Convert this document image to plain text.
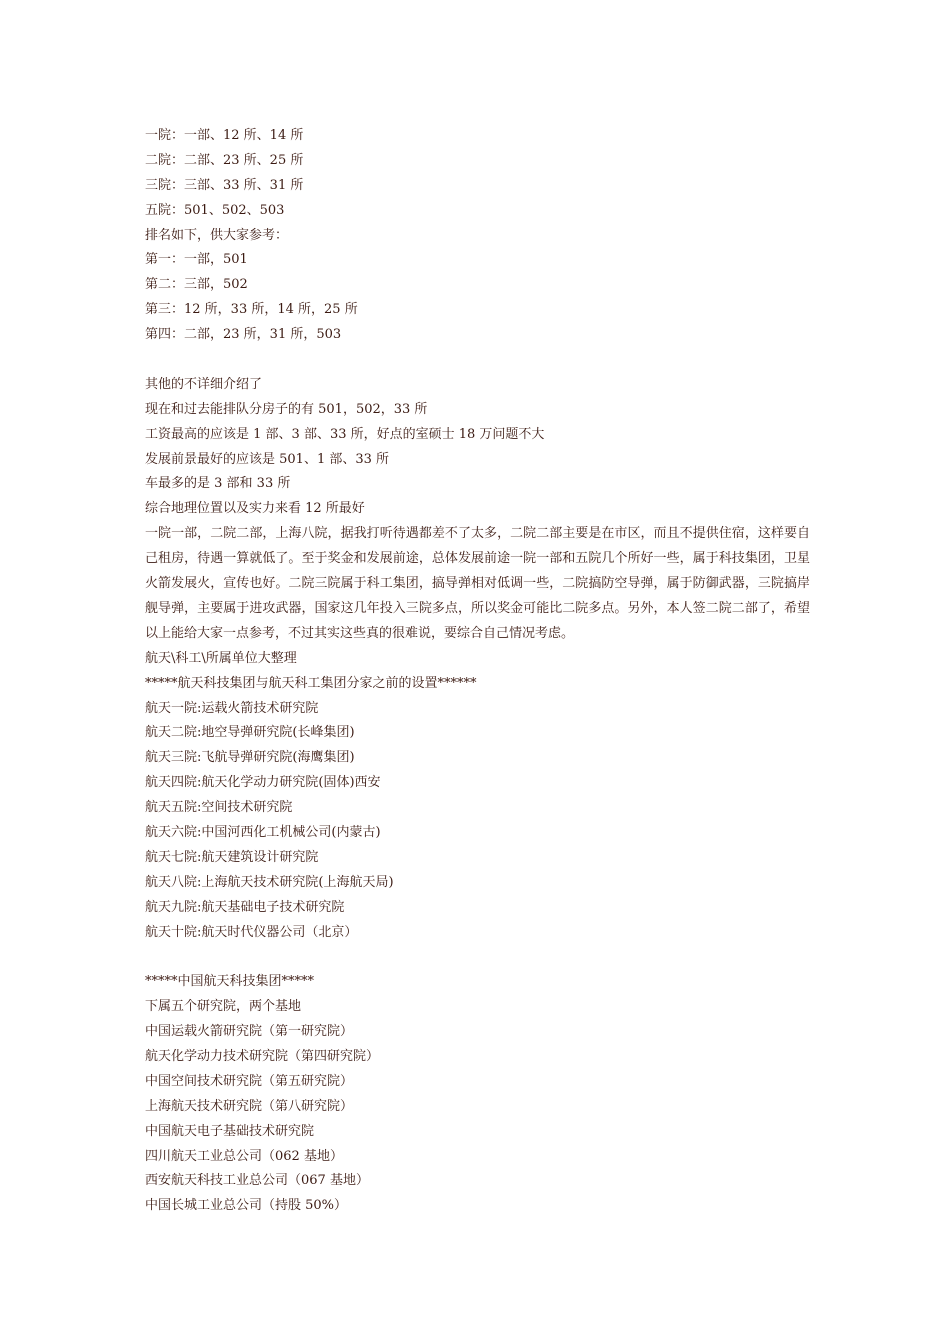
一院：一部、12 所、14 所
二院：二部、23 所、25 所
三院：三部、33 所、31 所
五院：501、502、503
排名如下，供大家参考：
第一：一部，501
第二：三部，502
第三：12 所，33 所，14 所，25 所
第四：二部，23 所，31 所，503
其他的不详细介绍了
现在和过去能排队分房子的有 501，502，33 所
工资最高的应该是 1 部、3 部、33 所，好点的室硕士 18 万问题不大
发展前景最好的应该是 501、1 部、33 所
车最多的是 3 部和 33 所
综合地理位置以及实力来看 12 所最好
一院一部，二院二部，上海八院，据我打听待遇都差不了太多，二院二部主要是在市区，而且不提供住宿，这样要自己租房，待遇一算就低了。至于奖金和发展前途，总体发展前途一院一部和五院几个所好一些，属于科技集团，卫星火箭发展火，宣传也好。二院三院属于科工集团，搞导弹相对低调一些，二院搞防空导弹，属于防御武器，三院搞岸舰导弹，主要属于进攻武器，国家这几年投入三院多点，所以奖金可能比二院多点。另外，本人签二院二部了，希望以上能给大家一点参考，不过其实这些真的很难说，要综合自己情况考虑。
航天\科工\所属单位大整理
*****航天科技集团与航天科工集团分家之前的设置******
航天一院:运载火箭技术研究院
航天二院:地空导弹研究院(长峰集团)
航天三院:飞航导弹研究院(海鹰集团)
航天四院:航天化学动力研究院(固体)西安
航天五院:空间技术研究院
航天六院:中国河西化工机械公司(内蒙古)
航天七院:航天建筑设计研究院
航天八院:上海航天技术研究院(上海航天局)
航天九院:航天基础电子技术研究院
航天十院:航天时代仪器公司（北京）
*****中国航天科技集团*****
下属五个研究院，两个基地
中国运载火箭研究院（第一研究院）
航天化学动力技术研究院（第四研究院）
中国空间技术研究院（第五研究院）
上海航天技术研究院（第八研究院）
中国航天电子基础技术研究院
四川航天工业总公司（062 基地）
西安航天科技工业总公司（067 基地）
中国长城工业总公司（持股 50%）
